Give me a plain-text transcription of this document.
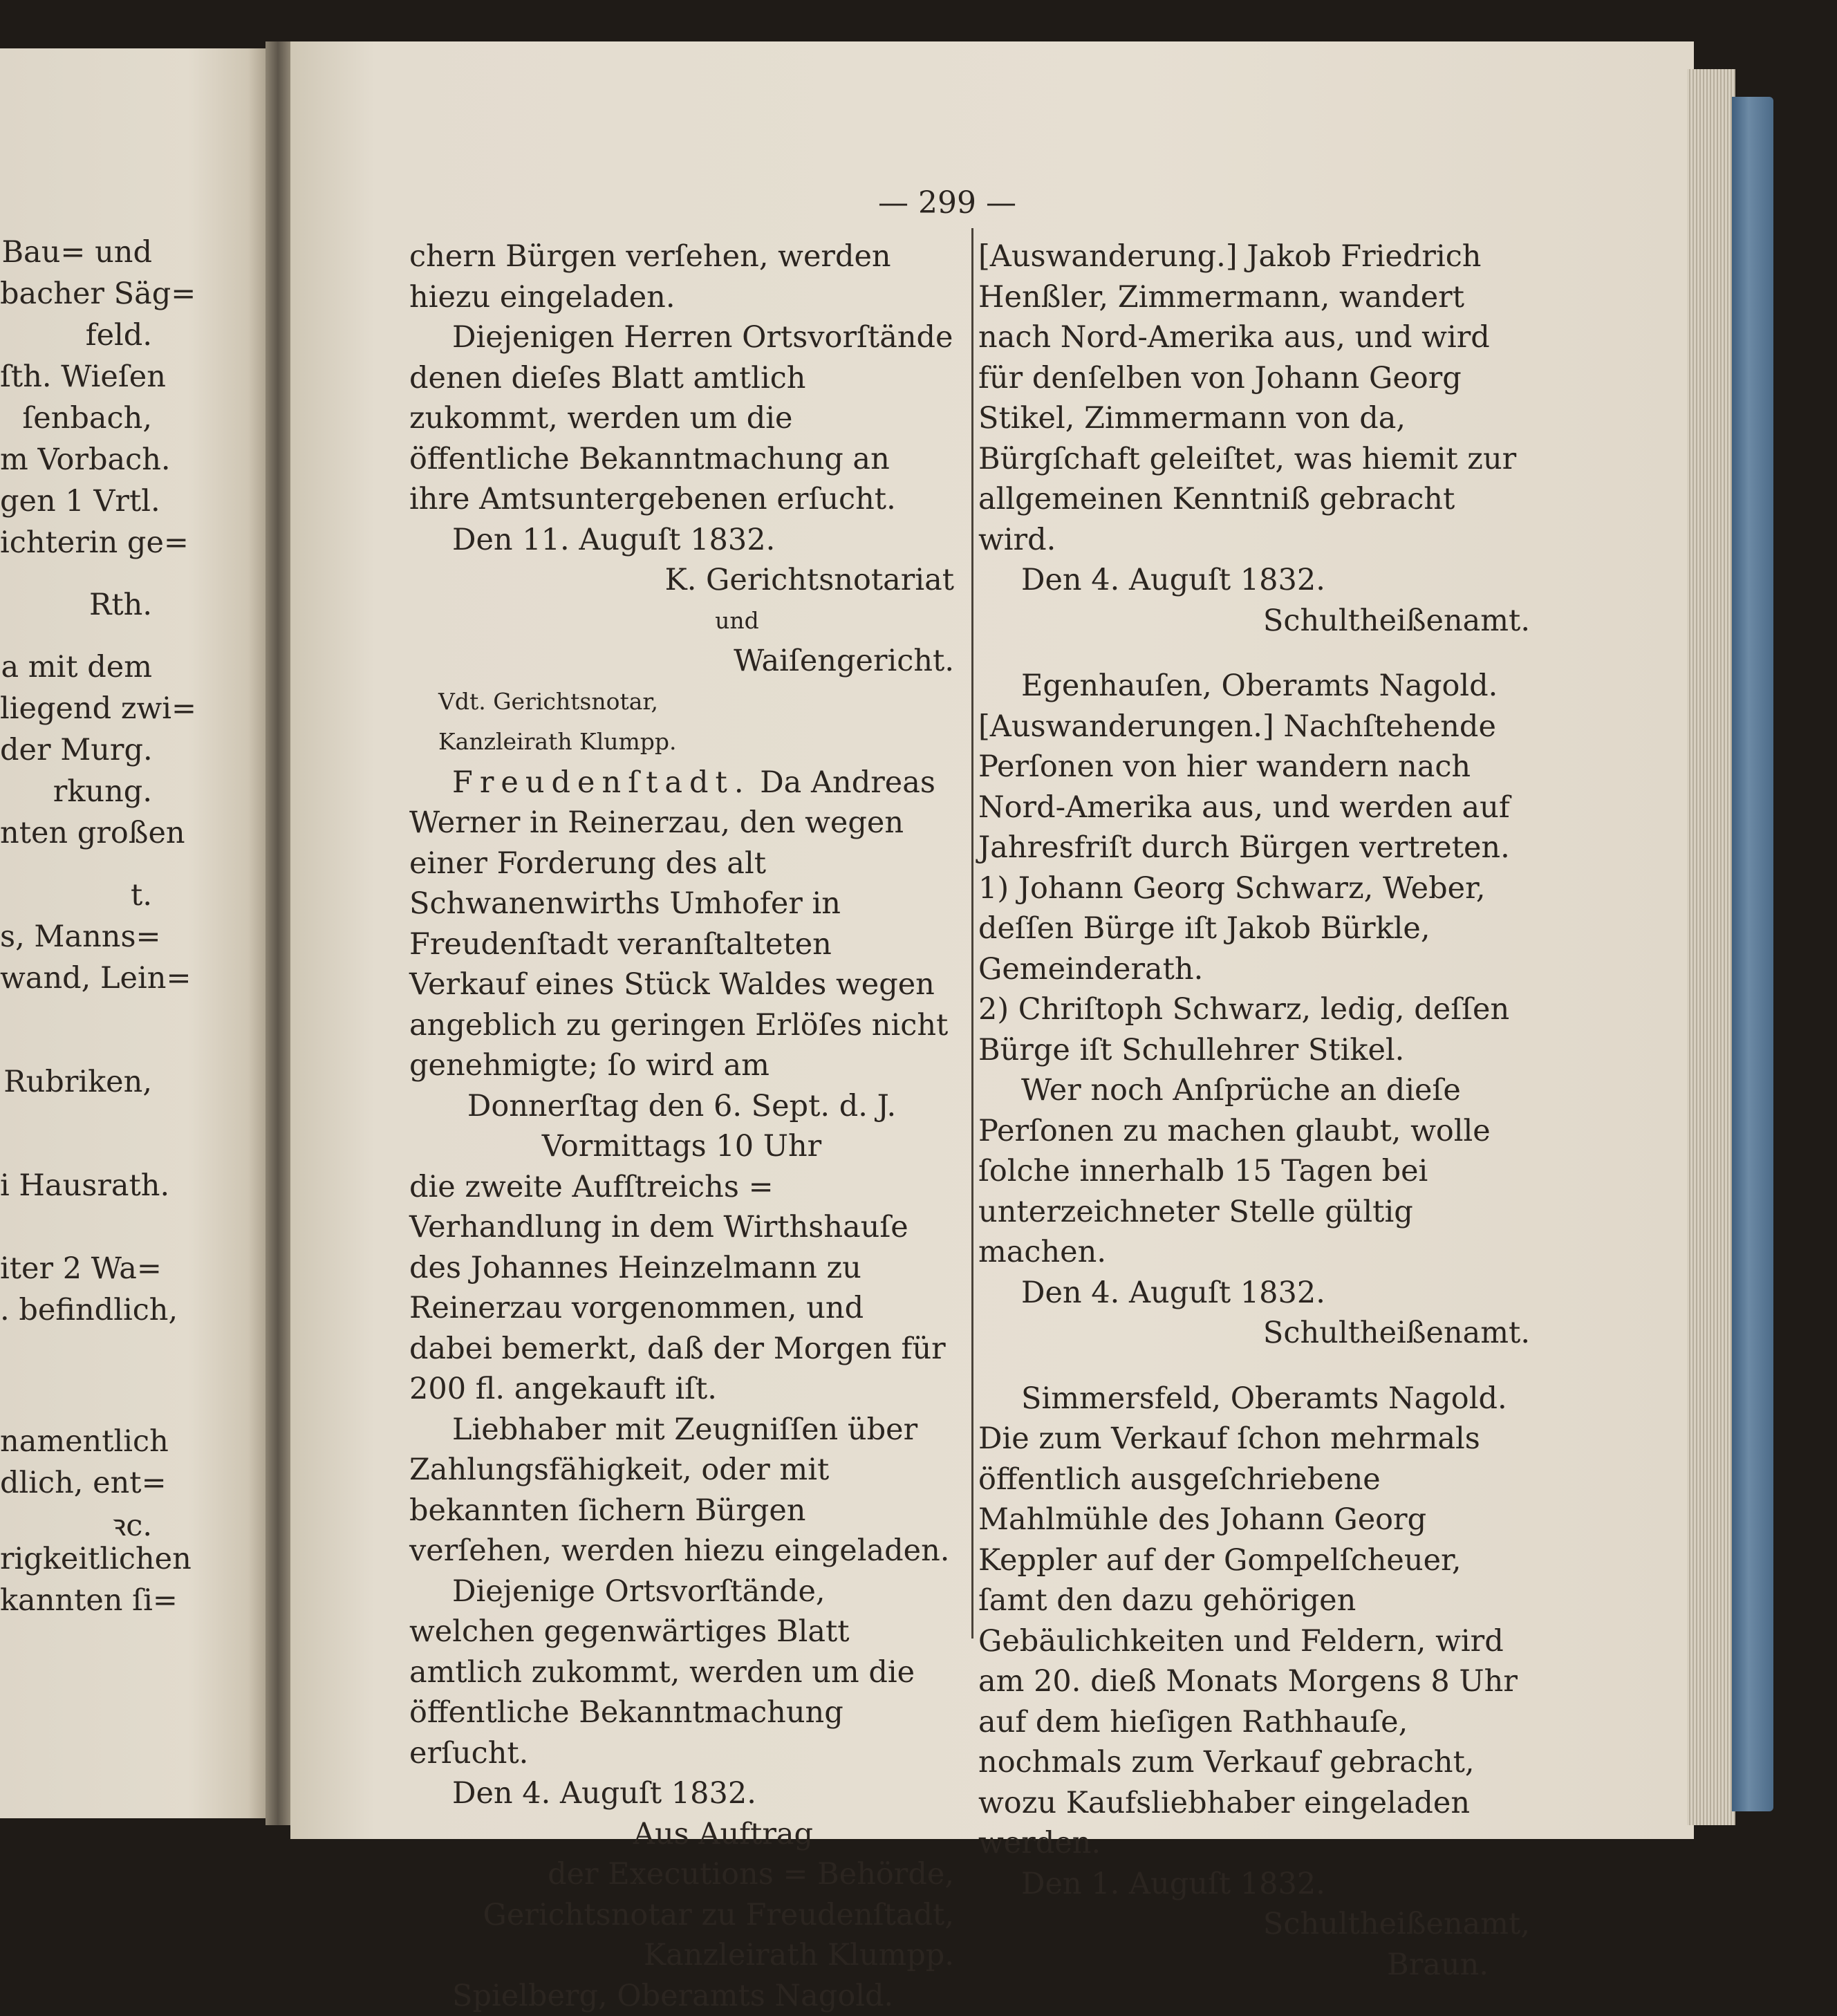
Bau= und
bacher Säg=
feld.
ſth. Wieſen
ſenbach,
m Vorbach.
gen 1 Vrtl.
ichterin ge=
Rth.
a mit dem
liegend zwi=
der Murg.
rkung.
nten großen
t.
s, Manns=
wand, Lein=
Rubriken,
i Hausrath.
iter 2 Wa=
. befindlich,
namentlich
dlich, ent=
ꝛc.
rigkeitlichen
kannten ſi=
— 299 —

chern Bürgen verſehen, werden hiezu eingeladen.

Diejenigen Herren Ortsvorſtände denen dieſes Blatt amtlich zukommt, werden um die öffentliche Bekanntmachung an ihre Amtsuntergebenen erſucht.

Den 11. Auguſt 1832.

K. Gerichtsnotariat

und

Waiſengericht.

Vdt. Gerichtsnotar,

Kanzleirath Klumpp.

Freudenſtadt. Da Andreas Werner in Reinerzau, den wegen einer Forderung des alt Schwanenwirths Umhofer in Freudenſtadt veranſtalteten Verkauf eines Stück Waldes wegen angeblich zu geringen Erlöſes nicht genehmigte; ſo wird am

Donnerſtag den 6. Sept. d. J.

Vormittags 10 Uhr

die zweite Aufſtreichs = Verhandlung in dem Wirthshauſe des Johannes Heinzelmann zu Reinerzau vorgenommen, und dabei bemerkt, daß der Morgen für 200 fl. angekauft iſt.

Liebhaber mit Zeugniſſen über Zahlungsfähigkeit, oder mit bekannten ſichern Bürgen verſehen, werden hiezu eingeladen.

Diejenige Ortsvorſtände, welchen gegenwärtiges Blatt amtlich zukommt, werden um die öffentliche Bekanntmachung erſucht.

Den 4. Auguſt 1832.

Aus Auftrag

der Executions = Behörde,

Gerichtsnotar zu Freudenſtadt,

Kanzleirath Klumpp.

Spielberg, Oberamts Nagold.

[Auswanderung.] Jakob Friedrich Henßler, Zimmermann, wandert nach Nord-Amerika aus, und wird für denſelben von Johann Georg Stikel, Zimmermann von da, Bürgſchaft geleiſtet, was hiemit zur allgemeinen Kenntniß gebracht wird.

Den 4. Auguſt 1832.

Schultheißenamt.

Egenhauſen, Oberamts Nagold.

[Auswanderungen.] Nachſtehende Perſonen von hier wandern nach Nord-Amerika aus, und werden auf Jahresfriſt durch Bürgen vertreten.

1) Johann Georg Schwarz, Weber, deſſen Bürge iſt Jakob Bürkle, Gemeinderath.

2) Chriſtoph Schwarz, ledig, deſſen Bürge iſt Schullehrer Stikel.

Wer noch Anſprüche an dieſe Perſonen zu machen glaubt, wolle ſolche innerhalb 15 Tagen bei unterzeichneter Stelle gültig machen.

Den 4. Auguſt 1832.

Schultheißenamt.

Simmersfeld, Oberamts Nagold.

Die zum Verkauf ſchon mehrmals öffentlich ausgeſchriebene Mahlmühle des Johann Georg Keppler auf der Gompelſcheuer, ſamt den dazu gehörigen Gebäulichkeiten und Feldern, wird am 20. dieß Monats Morgens 8 Uhr auf dem hieſigen Rathhauſe, nochmals zum Verkauf gebracht, wozu Kaufsliebhaber eingeladen werden.

Den 1. Auguſt 1832.

Schultheißenamt,

Braun.
